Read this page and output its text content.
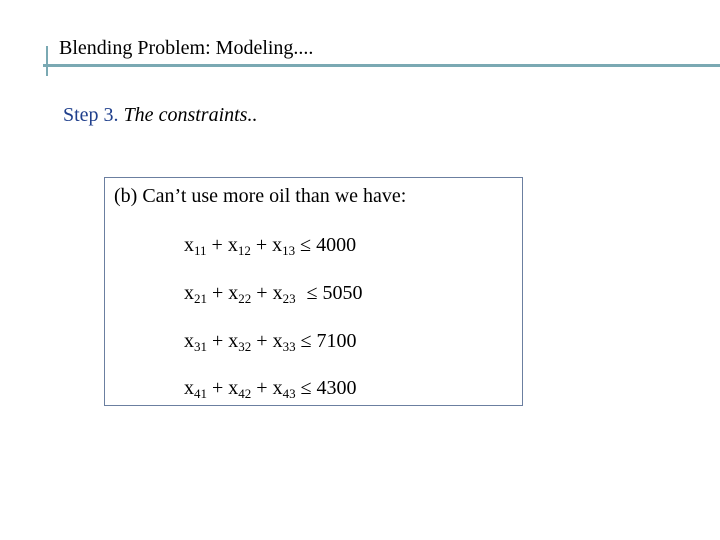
Blending Problem: Modeling....
Step 3. The constraints..
(b) Can’t use more oil than we have:
$x_{11} + x_{12} + x_{13} \le 4000$
$x_{21} + x_{22} + x_{23} \le 5050$
$x_{31} + x_{32} + x_{33} \le 7100$
$x_{41} + x_{42} + x_{43} \le 4300$
